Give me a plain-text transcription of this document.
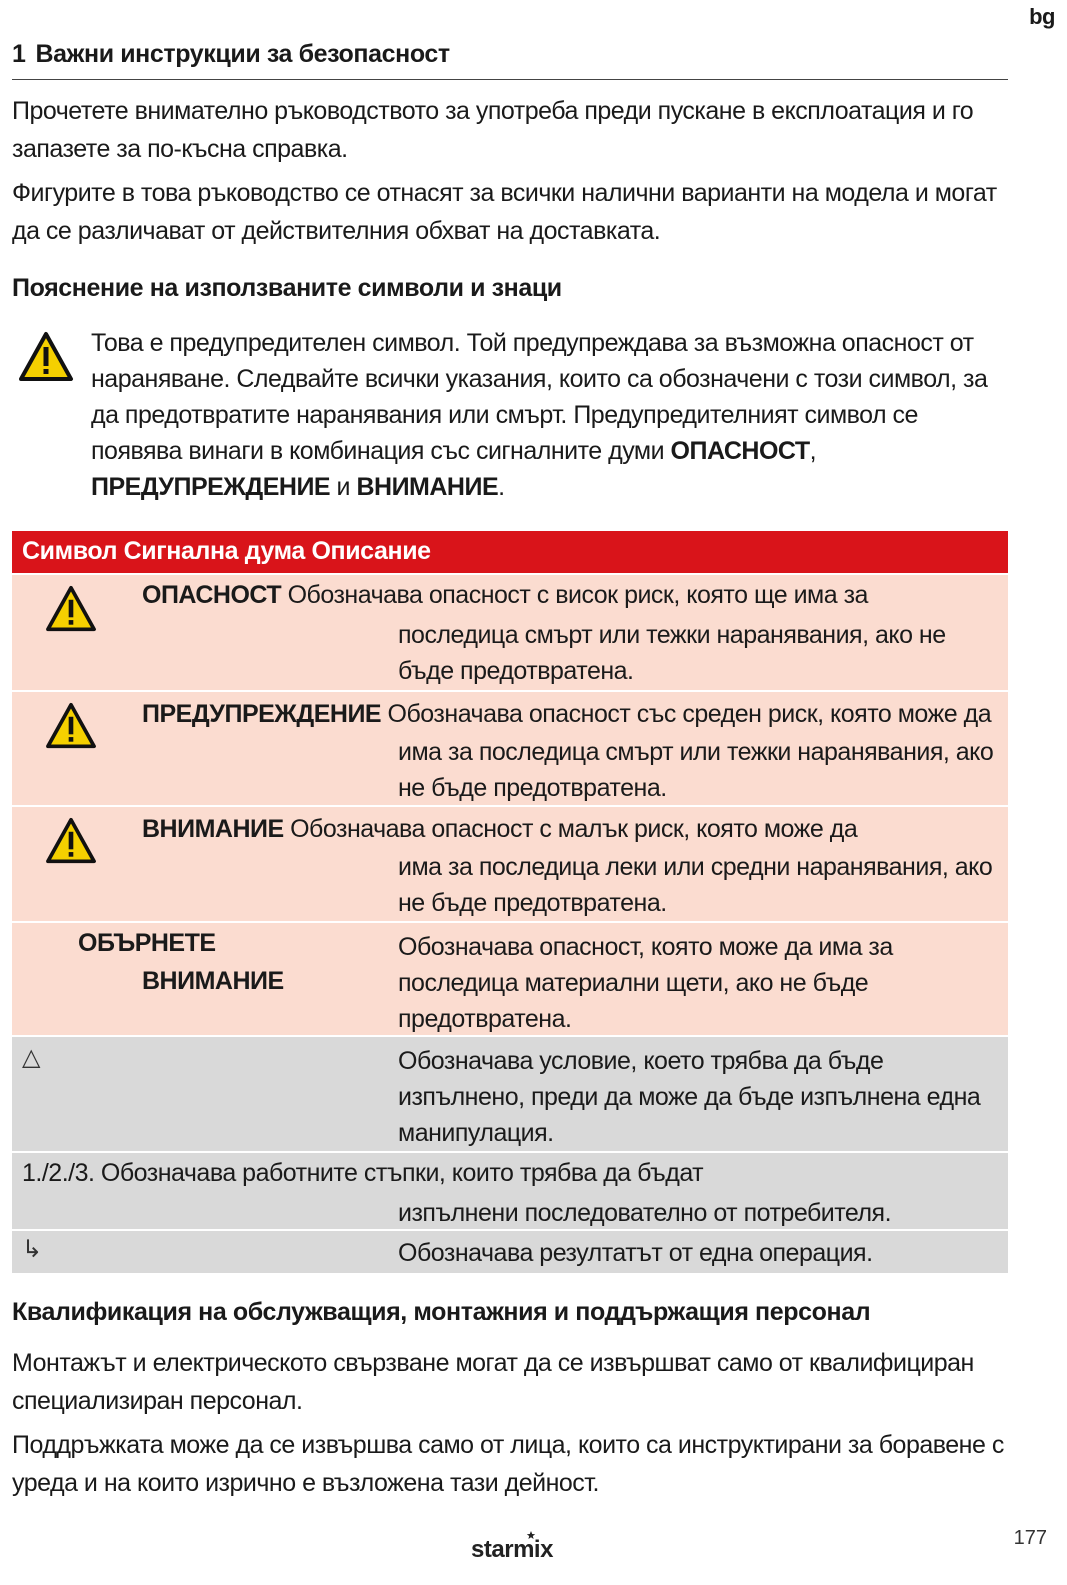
bg
1 Важни инструкции за безопасност
Прочетете внимателно ръководството за употреба преди пускане в експлоатация и го запазете за по-късна справка.
Фигурите в това ръководство се отнасят за всички налични варианти на модела и могат да се различават от действителния обхват на доставката.
Пояснение на използваните символи и знаци
Това е предупредителен символ. Той предупреждава за възможна опасност от нараняване. Следвайте всички указания, които са обозначени с този символ, за да предотвратите наранявания или смърт. Предупредителният символ се появява винаги в комбинация със сигналните думи ОПАСНОСТ, ПРЕДУПРЕЖДЕНИЕ и ВНИМАНИЕ.
Символ Сигнална дума Описание
ОПАСНОСТ Обозначава опасност с висок риск, която ще има за
последица смърт или тежки наранявания, ако не бъде предотвратена.
ПРЕДУПРЕЖДЕНИЕ Обозначава опасност със среден риск, която може да
има за последица смърт или тежки наранявания, ако не бъде предотвратена.
ВНИМАНИЕ Обозначава опасност с малък риск, която може да
има за последица леки или средни наранявания, ако не бъде предотвратена.
ОБЪРНЕТЕ
ВНИМАНИЕ
Обозначава опасност, която може да има за последица материални щети, ако не бъде предотвратена.
△	Обозначава условие, което трябва да бъде изпълнено, преди да може да бъде изпълнена една манипулация.
1./2./3. Обозначава работните стъпки, които трябва да бъдат
изпълнени последователно от потребителя.
↳	Обозначава резултатът от една операция.
Квалификация на обслужващия, монтажния и поддържащия персонал
Монтажът и електрическото свързване могат да се извършват само от квалифициран специализиран персонал.
Поддръжката може да се извършва само от лица, които са инструктирани за боравене с уреда и на които изрично е възложена тази дейност.
starmix	177
